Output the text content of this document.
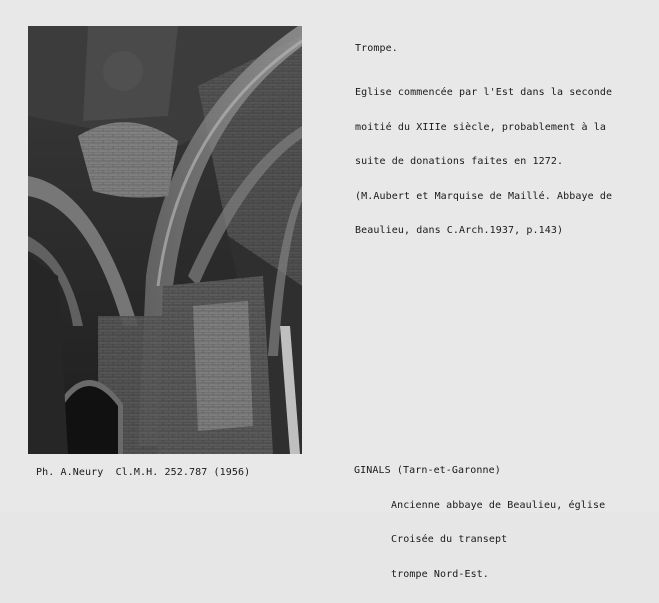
Trompe.

Eglise commencée par l'Est dans la seconde

moitié du XIIIe siècle, probablement à la

suite de donations faites en 1272.

(M.Aubert et Marquise de Maillé. Abbaye de

Beaulieu, dans C.Arch.1937, p.143)

GINALS (Tarn-et-Garonne)

Ancienne abbaye de Beaulieu, église

Croisée du transept

trompe Nord-Est.

Ph. A.Neury  Cl.M.H. 252.787 (1956)
